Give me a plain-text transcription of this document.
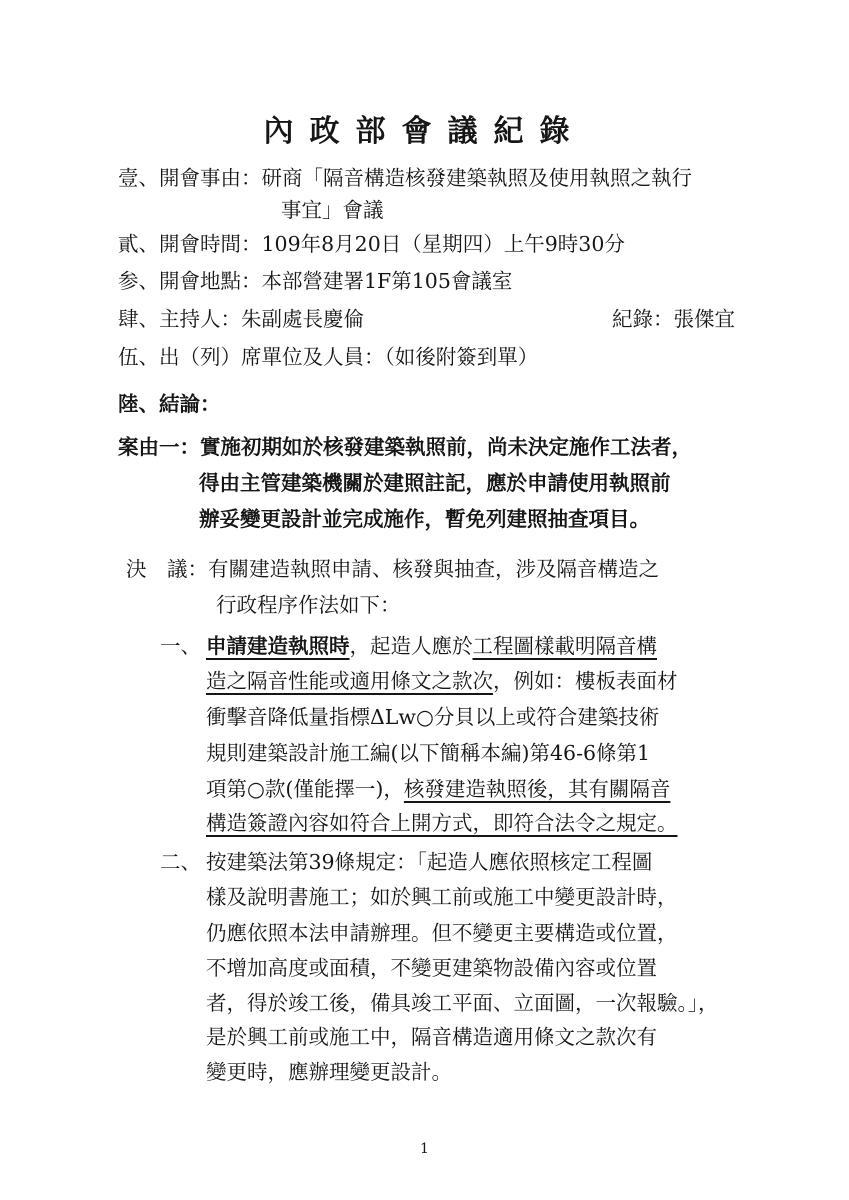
內政部會議紀錄
壹、開會事由：研商「隔音構造核發建築執照及使用執照之執行
事宜」會議
貳、開會時間：109年8月20日（星期四）上午9時30分
参、開會地點：本部營建署1F第105會議室
肆、主持人：朱副處長慶倫	紀錄：張傑宜
伍、出（列）席單位及人員：（如後附簽到單）
陸、結論：
案由一：實施初期如於核發建築執照前，尚未決定施作工法者，
得由主管建築機關於建照註記，應於申請使用執照前
辦妥變更設計並完成施作，暫免列建照抽查項目。
決　議：有關建造執照申請、核發與抽查，涉及隔音構造之
行政程序作法如下：
一、 申請建造執照時，起造人應於工程圖樣載明隔音構
造之隔音性能或適用條文之款次，例如：樓板表面材
衝擊音降低量指標ΔLw○分貝以上或符合建築技術
規則建築設計施工編(以下簡稱本編)第46-6條第1
項第○款(僅能擇一)，核發建造執照後，其有關隔音
構造簽證內容如符合上開方式，即符合法令之規定。
二、 按建築法第39條規定：「起造人應依照核定工程圖
樣及說明書施工；如於興工前或施工中變更設計時，
仍應依照本法申請辦理。但不變更主要構造或位置，
不增加高度或面積，不變更建築物設備內容或位置
者，得於竣工後，備具竣工平面、立面圖，一次報驗。」，
是於興工前或施工中，隔音構造適用條文之款次有
變更時，應辦理變更設計。
1
